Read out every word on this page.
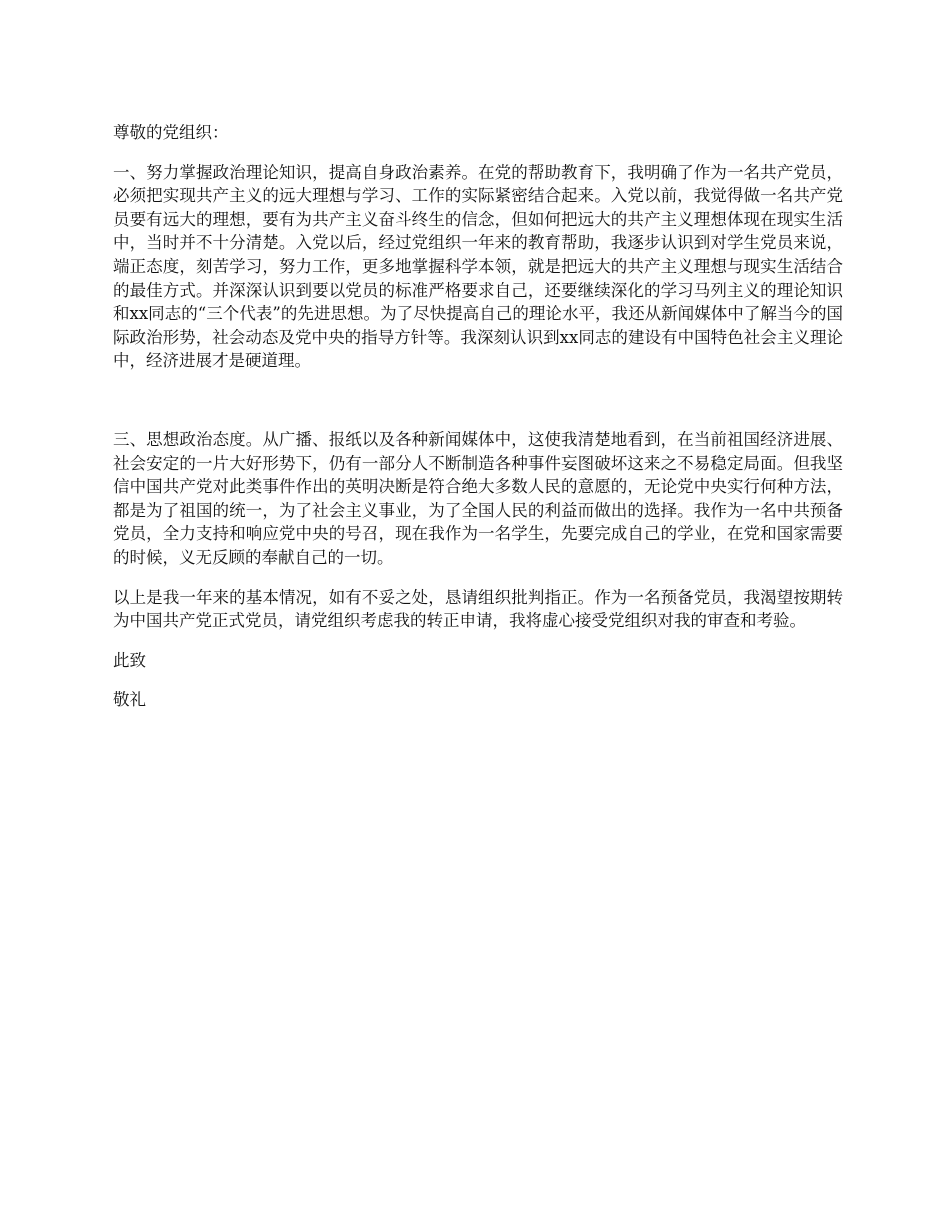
尊敬的党组织：

一、努力掌握政治理论知识，提高自身政治素养。在党的帮助教育下，我明确了作为一名共产党员，必须把实现共产主义的远大理想与学习、工作的实际紧密结合起来。入党以前，我觉得做一名共产党员要有远大的理想，要有为共产主义奋斗终生的信念，但如何把远大的共产主义理想体现在现实生活中，当时并不十分清楚。入党以后，经过党组织一年来的教育帮助，我逐步认识到对学生党员来说，端正态度，刻苦学习，努力工作，更多地掌握科学本领，就是把远大的共产主义理想与现实生活结合的最佳方式。并深深认识到要以党员的标准严格要求自己，还要继续深化的学习马列主义的理论知识和xx同志的“三个代表”的先进思想。为了尽快提高自己的理论水平，我还从新闻媒体中了解当今的国际政治形势，社会动态及党中央的指导方针等。我深刻认识到xx同志的建设有中国特色社会主义理论中，经济进展才是硬道理。

三、思想政治态度。从广播、报纸以及各种新闻媒体中，这使我清楚地看到，在当前祖国经济进展、社会安定的一片大好形势下，仍有一部分人不断制造各种事件妄图破坏这来之不易稳定局面。但我坚信中国共产党对此类事件作出的英明决断是符合绝大多数人民的意愿的，无论党中央实行何种方法，都是为了祖国的统一，为了社会主义事业，为了全国人民的利益而做出的选择。我作为一名中共预备党员，全力支持和响应党中央的号召，现在我作为一名学生，先要完成自己的学业，在党和国家需要的时候，义无反顾的奉献自己的一切。

以上是我一年来的基本情况，如有不妥之处，恳请组织批判指正。作为一名预备党员，我渴望按期转为中国共产党正式党员，请党组织考虑我的转正申请，我将虚心接受党组织对我的审查和考验。

此致

敬礼
